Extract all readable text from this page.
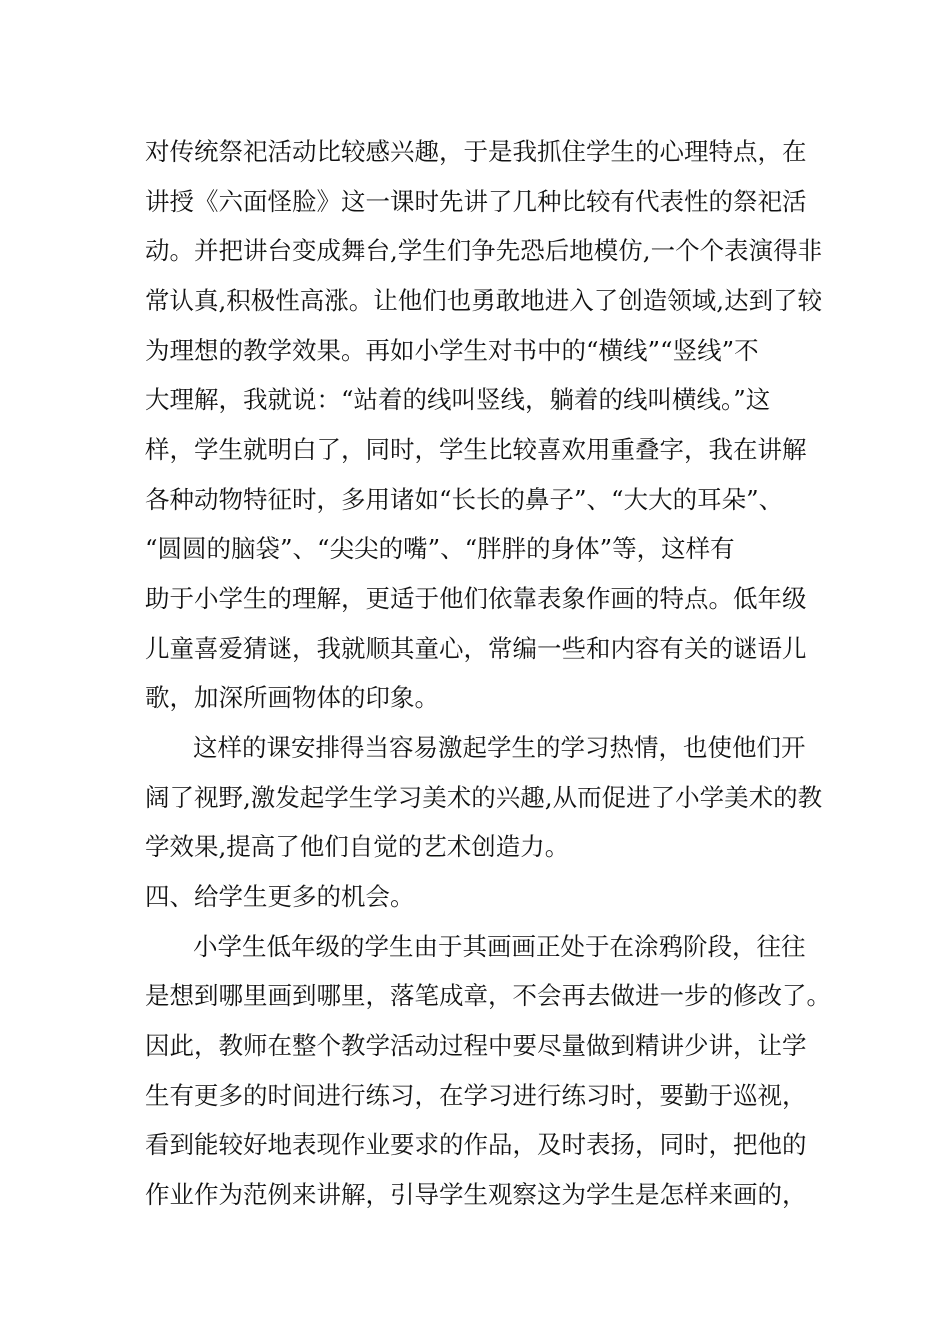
对传统祭祀活动比较感兴趣，于是我抓住学生的心理特点，在

讲授《六面怪脸》这一课时先讲了几种比较有代表性的祭祀活

动。并把讲台变成舞台,学生们争先恐后地模仿,一个个表演得非

常认真,积极性高涨。让他们也勇敢地进入了创造领域,达到了较

为理想的教学效果。再如小学生对书中的“横线”“竖线”不

大理解，我就说：“站着的线叫竖线，躺着的线叫横线。”这

样，学生就明白了，同时，学生比较喜欢用重叠字，我在讲解

各种动物特征时，多用诸如“长长的鼻子”、“大大的耳朵”、

“圆圆的脑袋”、“尖尖的嘴”、“胖胖的身体”等，这样有

助于小学生的理解，更适于他们依靠表象作画的特点。低年级

儿童喜爱猜谜，我就顺其童心，常编一些和内容有关的谜语儿

歌，加深所画物体的印象。

这样的课安排得当容易激起学生的学习热情，也使他们开

阔了视野,激发起学生学习美术的兴趣,从而促进了小学美术的教

学效果,提高了他们自觉的艺术创造力。

四、给学生更多的机会。

小学生低年级的学生由于其画画正处于在涂鸦阶段，往往

是想到哪里画到哪里，落笔成章，不会再去做进一步的修改了。

因此，教师在整个教学活动过程中要尽量做到精讲少讲，让学

生有更多的时间进行练习，在学习进行练习时，要勤于巡视，

看到能较好地表现作业要求的作品，及时表扬，同时，把他的

作业作为范例来讲解，引导学生观察这为学生是怎样来画的，
